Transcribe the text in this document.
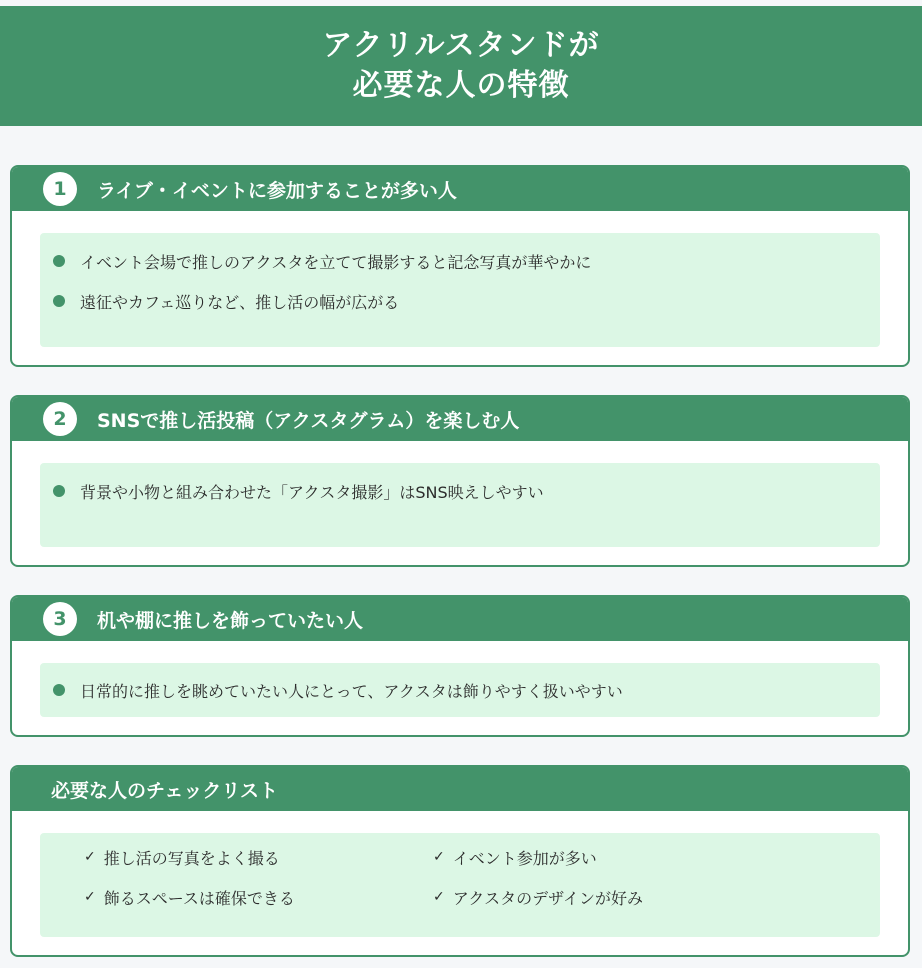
アクリルスタンドが
必要な人の特徴
1	ライブ・イベントに参加することが多い人
イベント会場で推しのアクスタを立てて撮影すると記念写真が華やかに
遠征やカフェ巡りなど、推し活の幅が広がる
2	SNSで推し活投稿（アクスタグラム）を楽しむ人
背景や小物と組み合わせた「アクスタ撮影」はSNS映えしやすい
3	机や棚に推しを飾っていたい人
日常的に推しを眺めていたい人にとって、アクスタは飾りやすく扱いやすい
必要な人のチェックリスト
✓ 推し活の写真をよく撮る	✓ イベント参加が多い
✓ 飾るスペースは確保できる	✓ アクスタのデザインが好み
